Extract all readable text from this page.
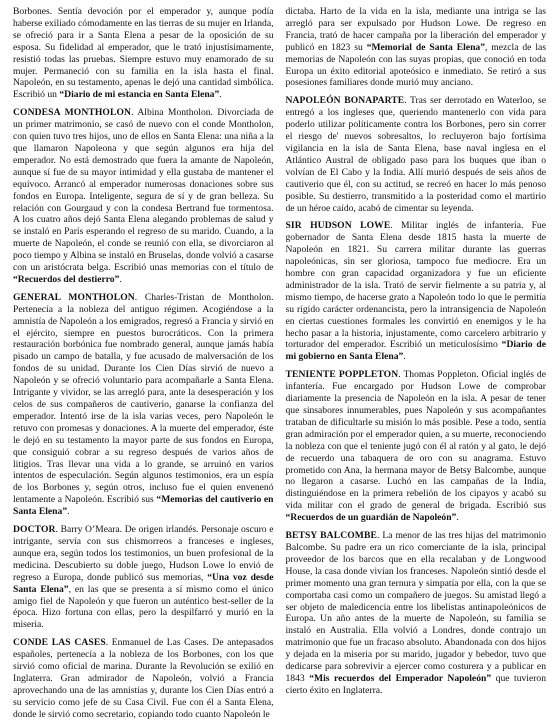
Borbones. Sentía devoción por el emperador y, aunque podía haberse exiliado cómodamente en las tierras de su mujer en Irlanda, se ofreció para ir a Santa Elena a pesar de la oposición de su esposa. Su fidelidad al emperador, que le trató injustísimamente, resistió todas las pruebas. Siempre estuvo muy enamorado de su mujer. Permaneció con su familia en la isla hasta el final. Napoleón, en su testamento, apenas le dejó una cantidad simbólica. Escribió un “Diario de mi estancia en Santa Elena”.

CONDESA MONTHOLON. Albina Montholon. Divorciada de un primer matrimonio, se casó de nuevo con el conde Montholon, con quien tuvo tres hijos, uno de ellos en Santa Elena: una niña a la que llamaron Napoleona y que según algunos era hija del emperador. No está demostrado que fuera la amante de Napoleón, aunque sí fue de su mayor intimidad y ella gustaba de mantener el equívoco. Arrancó al emperador numerosas donaciones sobre sus fondos en Europa. Inteligente, segura de sí y de gran belleza. Su relación con Gourgaud y con la condesa Bertrand fue tormentosa. A los cuatro años dejó Santa Elena alegando problemas de salud y se instaló en París esperando el regreso de su marido. Cuando, a la muerte de Napoleón, el conde se reunió con ella, se divorciaron al poco tiempo y Albina se instaló en Bruselas, donde volvió a casarse con un aristócrata belga. Escribió unas memorias con el título de “Recuerdos del destierro”.

GENERAL MONTHOLON. Charles-Tristan de Montholon. Pertenecía a la nobleza del antiguo régimen. Acogiéndose a la amnistía de Napoleón a los emigrados, regresó a Francia y sirvió en el ejército, siempre en puestos burocráticos. Con la primera restauración borbónica fue nombrado general, aunque jamás había pisado un campo de batalla, y fue acusado de malversación de los fondos de su unidad. Durante los Cien Días sirvió de nuevo a Napoleón y se ofreció voluntario para acompañarle a Santa Elena. Intrigante y vividor, se las arregló para, ante la desesperación y los celos de sus compañeros de cautiverio, ganarse la confianza del emperador. Intentó irse de la isla varias veces, pero Napoleón le retuvo con promesas y donaciones. A la muerte del emperador, éste le dejó en su testamento la mayor parte de sus fondos en Europa, que consiguió cobrar a su regreso después de varios años de litigios. Tras llevar una vida a lo grande, se arruinó en varios intentos de especulación. Según algunos testimonios, era un espía de los Borbones y, según otros, incluso fue el quien envenenó lentamente a Napoleón. Escribió sus “Memorias del cautiverio en Santa Elena”.

DOCTOR. Barry O’Meara. De origen irlandés. Personaje oscuro e intrigante, servía con sus chismorreos a franceses e ingleses, aunque era, según todos los testimonios, un buen profesional de la medicina. Descubierto su doble juego, Hudson Lowe lo envió de regreso a Europa, donde publicó sus memorias, “Una voz desde Santa Elena”, en las que se presenta a sí mismo como el único amigo fiel de Napoleón y que fueron un auténtico best-seller de la época. Hizo fortuna con ellas, pero la despilfarró y murió en la miseria.

CONDE LAS CASES. Enmanuel de Las Cases. De antepasados españoles, pertenecía a la nobleza de los Borbones, con los que sirvió como oficial de marina. Durante la Revolución se exilió en Inglaterra. Gran admirador de Napoleón, volvió a Francia aprovechando una de las amnistías y, durante los Cien Días entró a su servicio como jefe de su Casa Civil. Fue con él a Santa Elena, donde le sirvió como secretario, copiando todo cuanto Napoleón le

dictaba. Harto de la vida en la isla, mediante una intriga se las arregló para ser expulsado por Hudson Lowe. De regreso en Francia, trató de hacer campaña por la liberación del emperador y publicó en 1823 su “Memorial de Santa Elena”, mezcla de las memorias de Napoleón con las suyas propias, que conoció en toda Europa un éxito editorial apoteósico e inmediato. Se retiró a sus posesiones familiares donde murió muy anciano.

NAPOLEÓN BONAPARTE. Tras ser derrotado en Waterloo, se entregó a los ingleses que, queriendo mantenerlo con vida para poderlo utilizar políticamente contra los Borbones, pero sin correr el riesgo de' nuevos sobresaltos, lo recluyeron bajo fortísima vigilancia en la isla de Santa Elena, base naval inglesa en el Atlántico Austral de obligado paso para los buques que iban o volvían de El Cabo y la India. Allí murió después de seis años de cautiverio que él, con su actitud, se recreó en hacer lo más penoso posible. Su destierro, transmitido a la posteridad como el martirio de un héroe caído, acabó de cimentar su leyenda.

SIR HUDSON LOWE. Militar inglés de infantería. Fue gobernador de Santa Elena desde 1815 hasta la muerte de Napoleón en 1821. Su carrera militar durante las guerras napoleónicas, sin ser gloriosa, tampoco fue mediocre. Era un hombre con gran capacidad organizadora y fue un eficiente administrador de la isla. Trató de servir fielmente a su patria y, al mismo tiempo, de hacerse grato a Napoleón todo lo que le permitía su rígido carácter ordenancista, pero la intransigencia de Napoleón en ciertas cuestiones formales les convirtió en enemigos y le ha hecho pasar a la historia, injustamente, como carcelero arbitrario y torturador del emperador. Escribió un meticulosísimo “Diario de mi gobierno en Santa Elena”.

TENIENTE POPPLETON. Thomas Poppleton. Oficial inglés de infantería. Fue encargado por Hudson Lowe de comprobar diariamente la presencia de Napoleón en la isla. A pesar de tener que sinsabores innumerables, pues Napoleón y sus acompañantes trataban de dificultarle su misión lo más posible. Pese a todo, sentía gran admiración por el emperador quien, a su muerte, reconociendo la nobleza con que el teniente jugó con él al ratón y al gato, le dejó de recuerdo una tabaquera de oro con su anagrama. Estuvo prometido con Ana, la hermana mayor de Betsy Balcombe, aunque no llegaron a casarse. Luchó en las campañas de la India, distinguiéndose en la primera rebelión de los cipayos y acabó su vida militar con el grado de general de brigada. Escribió sus “Recuerdos de un guardián de Napoleón”.

BETSY BALCOMBE. La menor de las tres hijas del matrimonio Balcombe. Su padre era un rico comerciante de la isla, principal proveedor de los barcos que en ella recalaban y de Longwood House, la casa donde vivían los franceses. Napoleón sintió desde el primer momento una gran ternura y simpatía por ella, con la que se comportaba casi como un compañero de juegos. Su amistad llegó a ser objeto de maledicencia entre los libelistas antinapoleónicos de Europa. Un año antes de la muerte de Napoleón, su familia se instaló en Australia. Ella volvió a Londres, donde contrajo un matrimonio que fue un fracaso absoluto. Abandonada con dos hijos y dejada en la miseria por su marido, jugador y bebedor, tuvo que dedicarse para sobrevivir a ejercer como costurera y a publicar en 1843 “Mis recuerdos del Emperador Napoleón” que tuvieron cierto éxito en Inglaterra.
